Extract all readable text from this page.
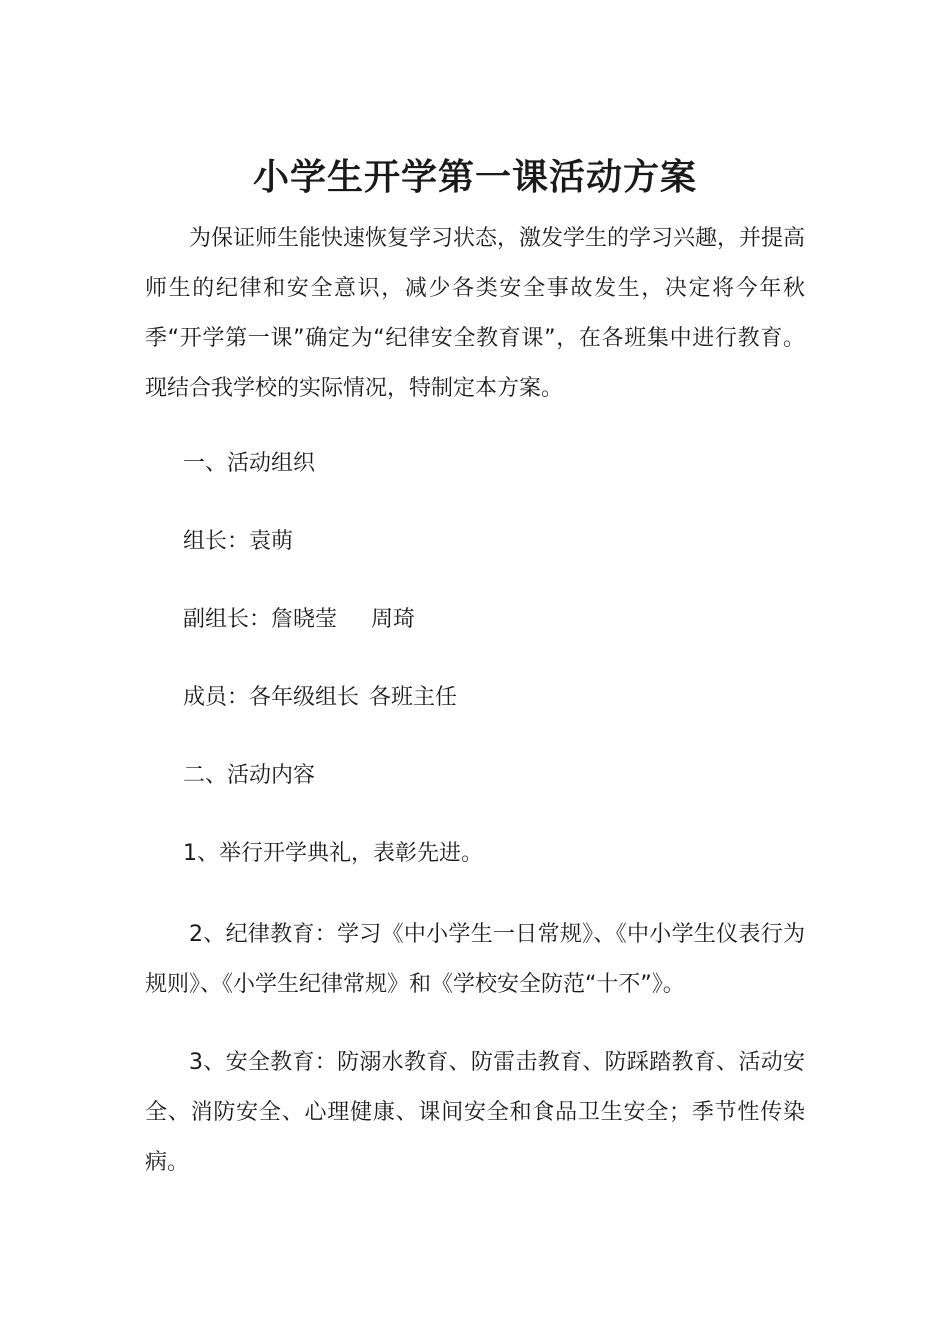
小学生开学第一课活动方案

为保证师生能快速恢复学习状态，激发学生的学习兴趣，并提高师生的纪律和安全意识，减少各类安全事故发生，决定将今年秋季“开学第一课”确定为“纪律安全教育课”，在各班集中进行教育。现结合我学校的实际情况，特制定本方案。

一、活动组织

组长：袁萌

副组长：詹晓莹 周琦

成员：各年级组长 各班主任

二、活动内容

1、举行开学典礼，表彰先进。

2、纪律教育：学习《中小学生一日常规》、《中小学生仪表行为规则》、《小学生纪律常规》和《学校安全防范“十不”》。

3、安全教育：防溺水教育、防雷击教育、防踩踏教育、活动安全、消防安全、心理健康、课间安全和食品卫生安全；季节性传染病。
